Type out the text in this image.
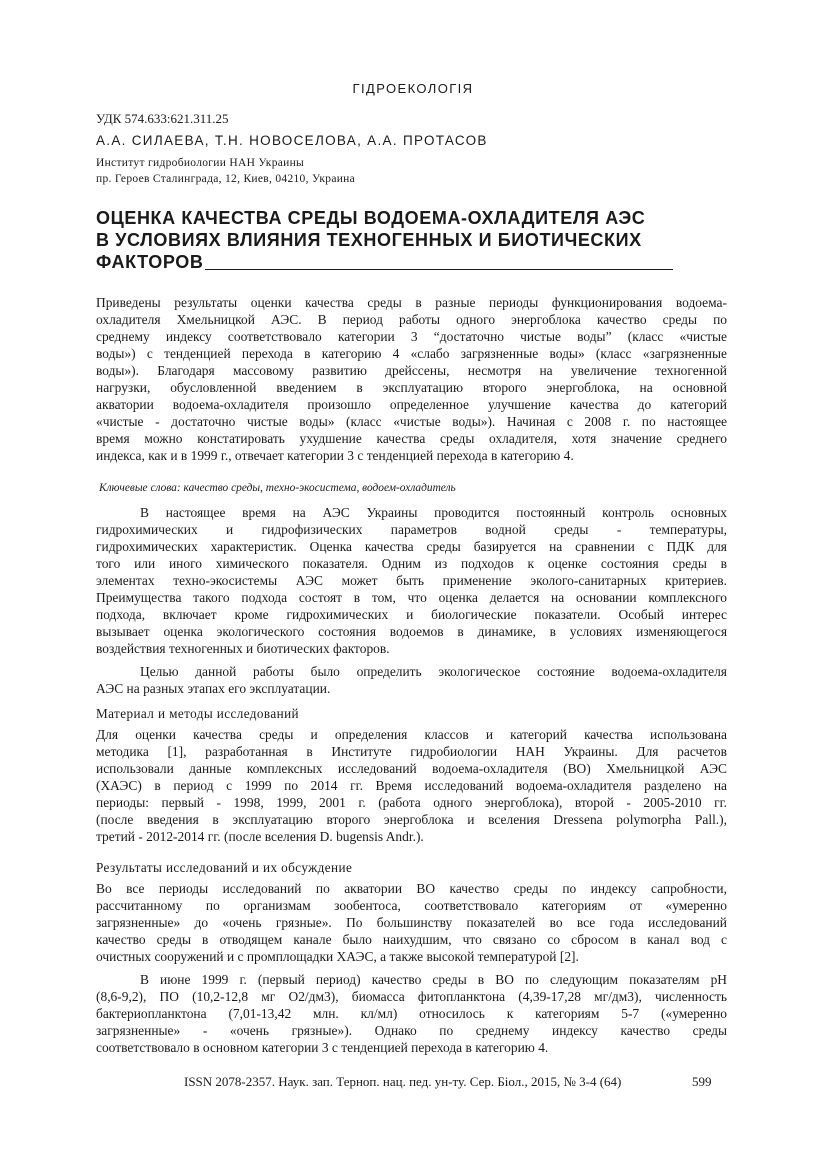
ГІДРОЕКОЛОГІЯ
УДК 574.633:621.311.25
А.А. СИЛАЕВА, Т.Н. НОВОСЕЛОВА, А.А. ПРОТАСОВ
Институт гидробиологии НАН Украины
пр. Героев Сталинграда, 12, Киев, 04210, Украина
ОЦЕНКА КАЧЕСТВА СРЕДЫ ВОДОЕМА-ОХЛАДИТЕЛЯ АЭС
В УСЛОВИЯХ ВЛИЯНИЯ ТЕХНОГЕННЫХ И БИОТИЧЕСКИХ
ФАКТОРОВ
Приведены результаты оценки качества среды в разные периоды функционирования водоема-
охладителя Хмельницкой АЭС. В период работы одного энергоблока качество среды по
среднему индексу соответствовало категории 3 “достаточно чистые воды” (класс «чистые
воды») с тенденцией перехода в категорию 4 «слабо загрязненные воды» (класс «загрязненные
воды»). Благодаря массовому развитию дрейссены, несмотря на увеличение техногенной
нагрузки, обусловленной введением в эксплуатацию второго энергоблока, на основной
акватории водоема-охладителя произошло определенное улучшение качества до категорий
«чистые - достаточно чистые воды» (класс «чистые воды»). Начиная с 2008 г. по настоящее
время можно констатировать ухудшение качества среды охладителя, хотя значение среднего
индекса, как и в 1999 г., отвечает категории 3 с тенденцией перехода в категорию 4.
Ключевые слова: качество среды, техно-экосистема, водоем-охладитель
В настоящее время на АЭС Украины проводится постоянный контроль основных
гидрохимических и гидрофизических параметров водной среды - температуры,
гидрохимических характеристик. Оценка качества среды базируется на сравнении с ПДК для
того или иного химического показателя. Одним из подходов к оценке состояния среды в
элементах техно-экосистемы АЭС может быть применение эколого-санитарных критериев.
Преимущества такого подхода состоят в том, что оценка делается на основании комплексного
подхода, включает кроме гидрохимических и биологические показатели. Особый интерес
вызывает оценка экологического состояния водоемов в динамике, в условиях изменяющегося
воздействия техногенных и биотических факторов.
Целью данной работы было определить экологическое состояние водоема-охладителя
АЭС на разных этапах его эксплуатации.
Материал и методы исследований
Для оценки качества среды и определения классов и категорий качества использована
методика [1], разработанная в Институте гидробиологии НАН Украины. Для расчетов
использовали данные комплексных исследований водоема-охладителя (ВО) Хмельницкой АЭС
(ХАЭС) в период с 1999 по 2014 гг. Время исследований водоема-охладителя разделено на
периоды: первый - 1998, 1999, 2001 г. (работа одного энергоблока), второй - 2005-2010 гг.
(после введения в эксплуатацию второго энергоблока и вселения Dressena polymorpha Pall.),
третий - 2012-2014 гг. (после вселения D. bugensis Andr.).
Результаты исследований и их обсуждение
Во все периоды исследований по акватории ВО качество среды по индексу сапробности,
рассчитанному по организмам зообентоса, соответствовало категориям от «умеренно
загрязненные» до «очень грязные». По большинству показателей во все года исследований
качество среды в отводящем канале было наихудшим, что связано со сбросом в канал вод с
очистных сооружений и с промплощадки ХАЭС, а также высокой температурой [2].
В июне 1999 г. (первый период) качество среды в ВО по следующим показателям pH
(8,6-9,2), ПО (10,2-12,8 мг О2/дм3), биомасса фитопланктона (4,39-17,28 мг/дм3), численность
бактериопланктона (7,01-13,42 млн. кл/мл) относилось к категориям 5-7 («умеренно
загрязненные» - «очень грязные»). Однако по среднему индексу качество среды
соответствовало в основном категории 3 с тенденцией перехода в категорию 4.
ISSN 2078-2357. Наук. зап. Терноп. нац. пед. ун-ту. Сер. Біол., 2015, № 3-4 (64)	599
